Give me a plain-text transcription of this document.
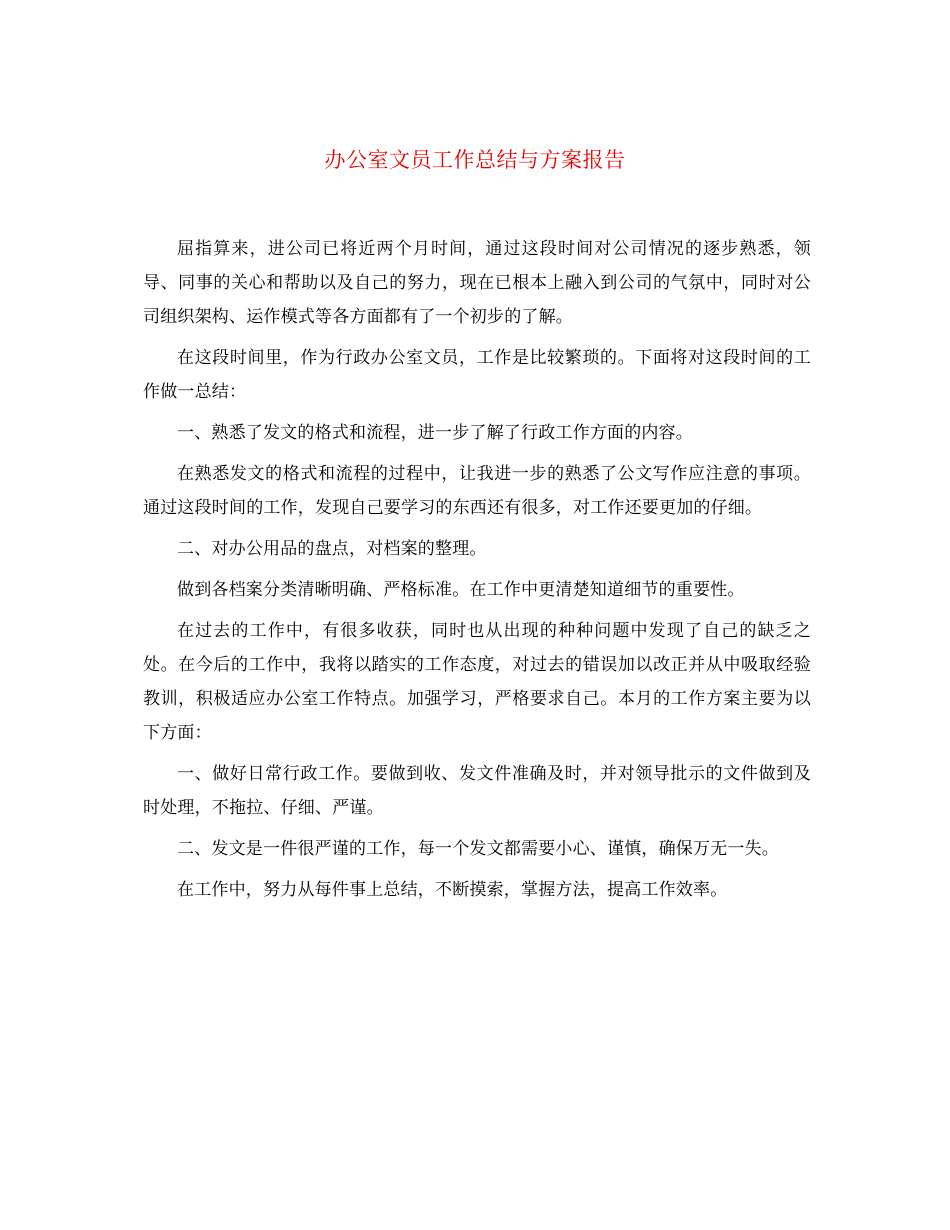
办公室文员工作总结与方案报告

屈指算来，进公司已将近两个月时间，通过这段时间对公司情况的逐步熟悉，领导、同事的关心和帮助以及自己的努力，现在已根本上融入到公司的气氛中，同时对公司组织架构、运作模式等各方面都有了一个初步的了解。

在这段时间里，作为行政办公室文员，工作是比较繁琐的。下面将对这段时间的工作做一总结：

一、熟悉了发文的格式和流程，进一步了解了行政工作方面的内容。

在熟悉发文的格式和流程的过程中，让我进一步的熟悉了公文写作应注意的事项。通过这段时间的工作，发现自己要学习的东西还有很多，对工作还要更加的仔细。

二、对办公用品的盘点，对档案的整理。

做到各档案分类清晰明确、严格标准。在工作中更清楚知道细节的重要性。

在过去的工作中，有很多收获，同时也从出现的种种问题中发现了自己的缺乏之处。在今后的工作中，我将以踏实的工作态度，对过去的错误加以改正并从中吸取经验教训，积极适应办公室工作特点。加强学习，严格要求自己。本月的工作方案主要为以下方面：

一、做好日常行政工作。要做到收、发文件准确及时，并对领导批示的文件做到及时处理，不拖拉、仔细、严谨。

二、发文是一件很严谨的工作，每一个发文都需要小心、谨慎，确保万无一失。

在工作中，努力从每件事上总结，不断摸索，掌握方法，提高工作效率。
